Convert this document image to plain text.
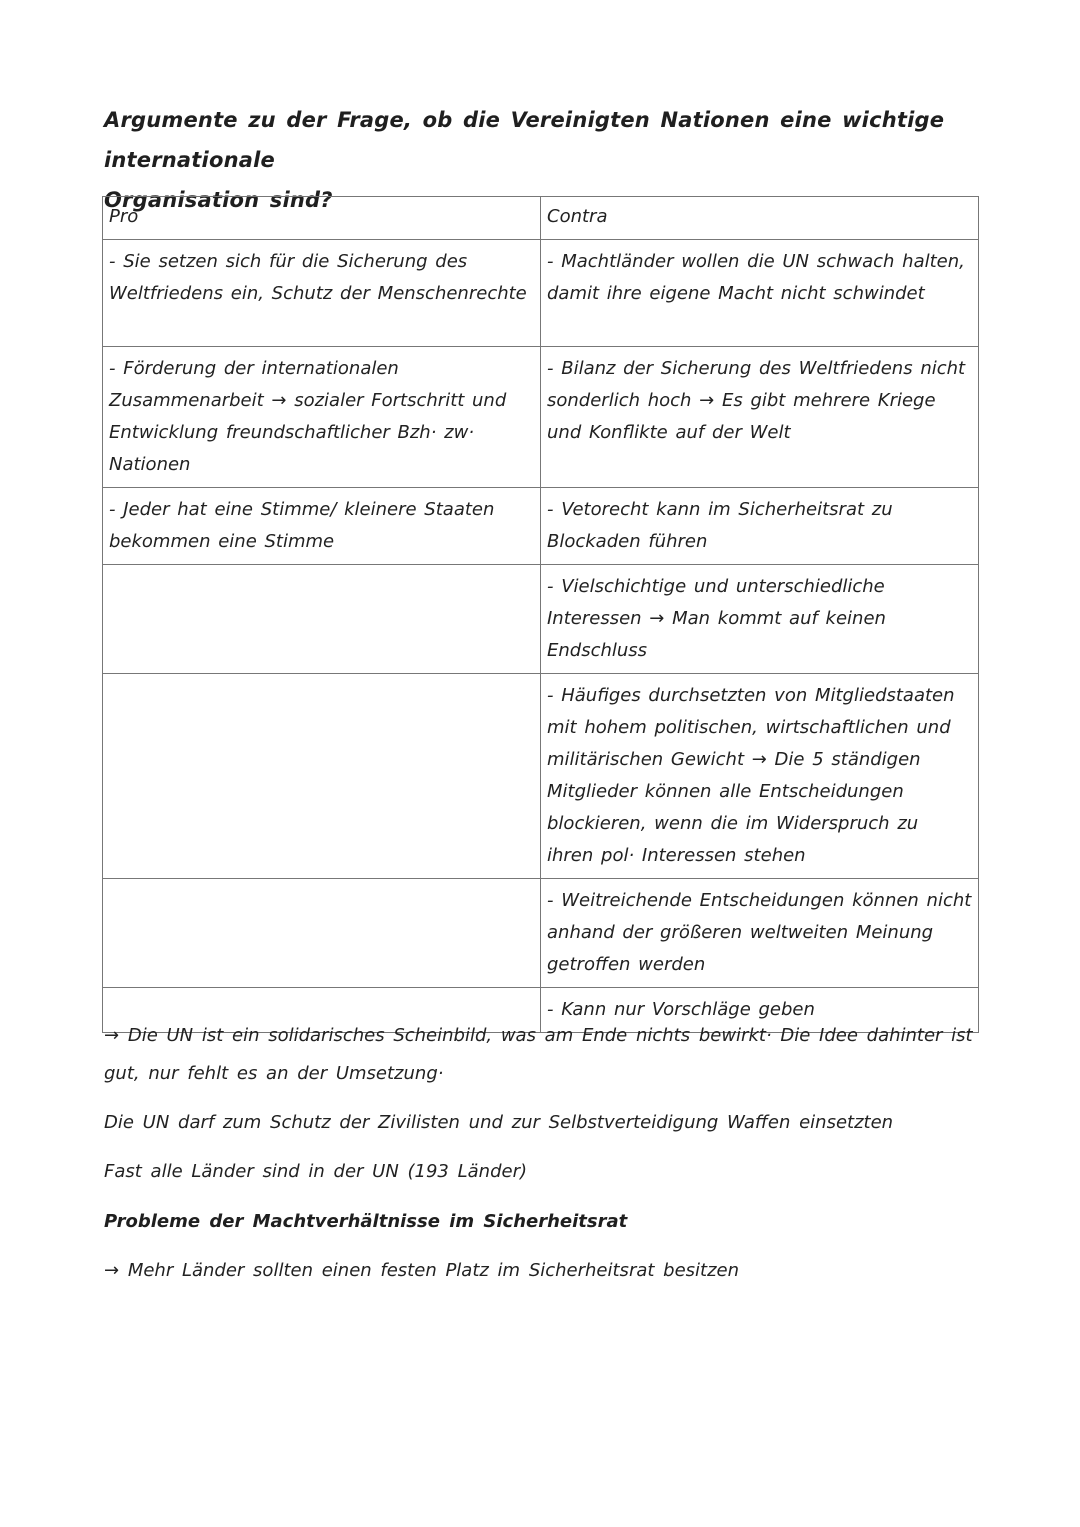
Argumente zu der Frage, ob die Vereinigten Nationen eine wichtige internationale
Organisation sind?
Pro	Contra
- Sie setzen sich für die Sicherung des Weltfriedens ein, Schutz der Menschenrechte	- Machtländer wollen die UN schwach halten, damit ihre eigene Macht nicht schwindet
- Förderung der internationalen Zusammenarbeit → sozialer Fortschritt und Entwicklung freundschaftlicher Bzh· zw· Nationen	- Bilanz der Sicherung des Weltfriedens nicht sonderlich hoch → Es gibt mehrere Kriege und Konflikte auf der Welt
- Jeder hat eine Stimme/ kleinere Staaten bekommen eine Stimme	- Vetorecht kann im Sicherheitsrat zu Blockaden führen
	- Vielschichtige und unterschiedliche Interessen → Man kommt auf keinen Endschluss
	- Häufiges durchsetzten von Mitgliedstaaten mit hohem politischen, wirtschaftlichen und militärischen Gewicht → Die 5 ständigen Mitglieder können alle Entscheidungen blockieren, wenn die im Widerspruch zu ihren pol· Interessen stehen
	- Weitreichende Entscheidungen können nicht anhand der größeren weltweiten Meinung getroffen werden
	- Kann nur Vorschläge geben
→ Die UN ist ein solidarisches Scheinbild, was am Ende nichts bewirkt· Die Idee dahinter ist gut, nur fehlt es an der Umsetzung·
Die UN darf zum Schutz der Zivilisten und zur Selbstverteidigung Waffen einsetzten
Fast alle Länder sind in der UN (193 Länder)
Probleme der Machtverhältnisse im Sicherheitsrat
→ Mehr Länder sollten einen festen Platz im Sicherheitsrat besitzen
